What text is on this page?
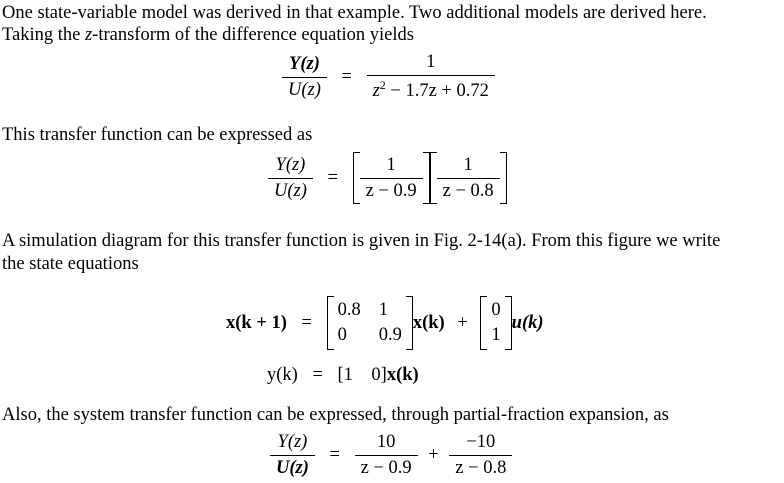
One state-variable model was derived in that example. Two additional models are derived here.
Taking the z-transform of the difference equation yields
$\frac{Y(z)}{U(z)} = \frac{1}{z^2 - 1.7z + 0.72}$
This transfer function can be expressed as
$\frac{Y(z)}{U(z)} = \frac{1}{z - 0.9} \frac{1}{z - 0.8}$
A simulation diagram for this transfer function is given in Fig. 2-14(a). From this figure we write
the state equations
x(k + 1) =
0.8	1
0	0.9
x(k) +
0
1
u(k)
y(k) = [1    0]x(k)
Also, the system transfer function can be expressed, through partial-fraction expansion, as
$\frac{Y(z)}{U(z)} = \frac{10}{z - 0.9} + \frac{-10}{z - 0.8}$
